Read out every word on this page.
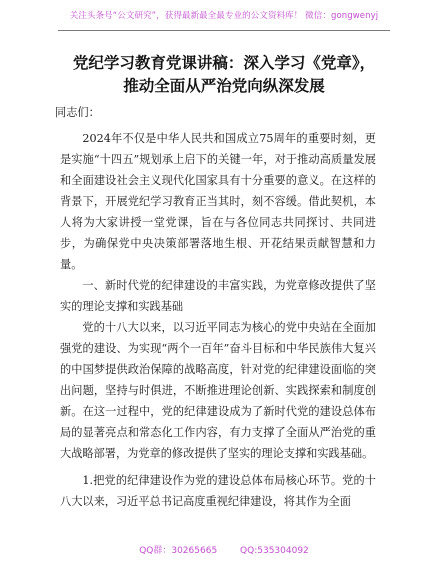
关注头条号“公文研究”，获得最新最全最专业的公文资料库！ 微信：gongwenyj
党纪学习教育党课讲稿：深入学习《党章》，
推动全面从严治党向纵深发展

同志们：

2024年不仅是中华人民共和国成立75周年的重要时刻，更是实施“十四五”规划承上启下的关键一年，对于推动高质量发展和全面建设社会主义现代化国家具有十分重要的意义。在这样的背景下，开展党纪学习教育正当其时，刻不容缓。借此契机，本人将为大家讲授一堂党课，旨在与各位同志共同探讨、共同进步，为确保党中央决策部署落地生根、开花结果贡献智慧和力量。

一、新时代党的纪律建设的丰富实践，为党章修改提供了坚实的理论支撑和实践基础

党的十八大以来，以习近平同志为核心的党中央站在全面加强党的建设、为实现“两个一百年”奋斗目标和中华民族伟大复兴的中国梦提供政治保障的战略高度，针对党的纪律建设面临的突出问题，坚持与时俱进，不断推进理论创新、实践探索和制度创新。在这一过程中，党的纪律建设成为了新时代党的建设总体布局的显著亮点和常态化工作内容，有力支撑了全面从严治党的重大战略部署，为党章的修改提供了坚实的理论支撑和实践基础。

1.把党的纪律建设作为党的建设总体布局核心环节。党的十八大以来，习近平总书记高度重视纪律建设，将其作为全面

QQ群：30265665	QQ:535304092
